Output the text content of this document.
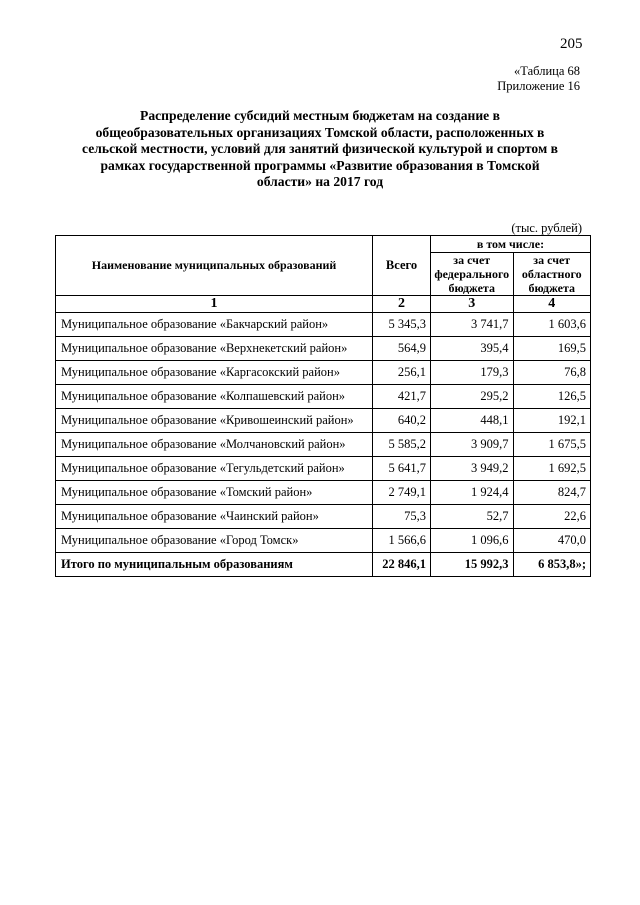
205
«Таблица 68
Приложение 16
Распределение субсидий местным бюджетам на создание в общеобразовательных организациях Томской области, расположенных в сельской местности, условий для занятий физической культурой и спортом в рамках государственной программы «Развитие образования в Томской области» на 2017 год
(тыс. рублей)
Наименование муниципальных образований	Всего	в том числе:	
		за счет федерального бюджета	за счет областного бюджета
1	2	3	4
Муниципальное образование «Бакчарский район»	5 345,3	3 741,7	1 603,6
Муниципальное образование «Верхнекетский район»	564,9	395,4	169,5
Муниципальное образование «Каргасокский район»	256,1	179,3	76,8
Муниципальное образование «Колпашевский район»	421,7	295,2	126,5
Муниципальное образование «Кривошеинский район»	640,2	448,1	192,1
Муниципальное образование «Молчановский район»	5 585,2	3 909,7	1 675,5
Муниципальное образование «Тегульдетский район»	5 641,7	3 949,2	1 692,5
Муниципальное образование «Томский район»	2 749,1	1 924,4	824,7
Муниципальное образование «Чаинский район»	75,3	52,7	22,6
Муниципальное образование «Город Томск»	1 566,6	1 096,6	470,0
Итого по муниципальным образованиям	22 846,1	15 992,3	6 853,8»;
